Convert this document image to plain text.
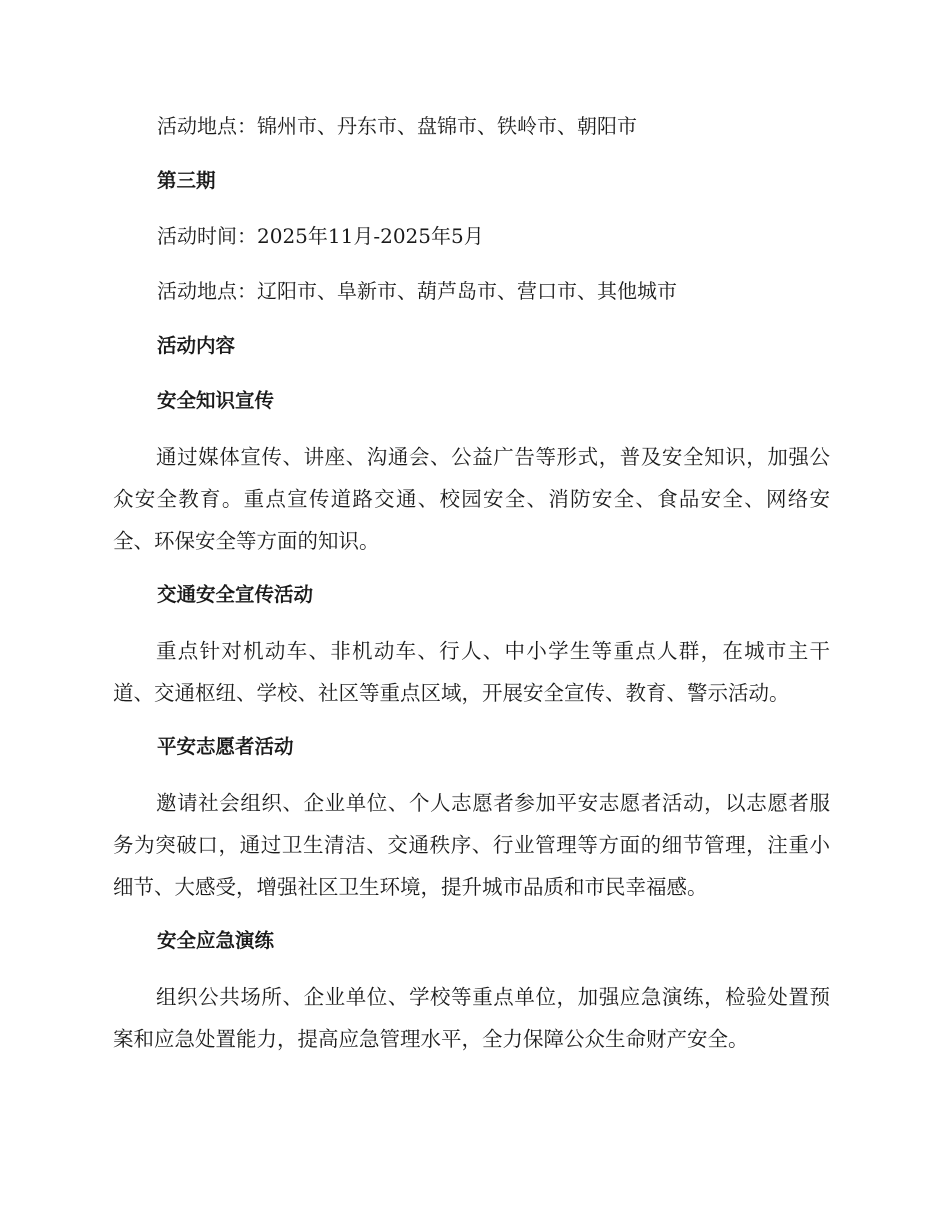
活动地点：锦州市、丹东市、盘锦市、铁岭市、朝阳市
第三期
活动时间：2025年11月-2025年5月
活动地点：辽阳市、阜新市、葫芦岛市、营口市、其他城市
活动内容
安全知识宣传
通过媒体宣传、讲座、沟通会、公益广告等形式，普及安全知识，加强公众安全教育。重点宣传道路交通、校园安全、消防安全、食品安全、网络安全、环保安全等方面的知识。
交通安全宣传活动
重点针对机动车、非机动车、行人、中小学生等重点人群，在城市主干道、交通枢纽、学校、社区等重点区域，开展安全宣传、教育、警示活动。
平安志愿者活动
邀请社会组织、企业单位、个人志愿者参加平安志愿者活动，以志愿者服务为突破口，通过卫生清洁、交通秩序、行业管理等方面的细节管理，注重小细节、大感受，增强社区卫生环境，提升城市品质和市民幸福感。
安全应急演练
组织公共场所、企业单位、学校等重点单位，加强应急演练，检验处置预案和应急处置能力，提高应急管理水平，全力保障公众生命财产安全。
